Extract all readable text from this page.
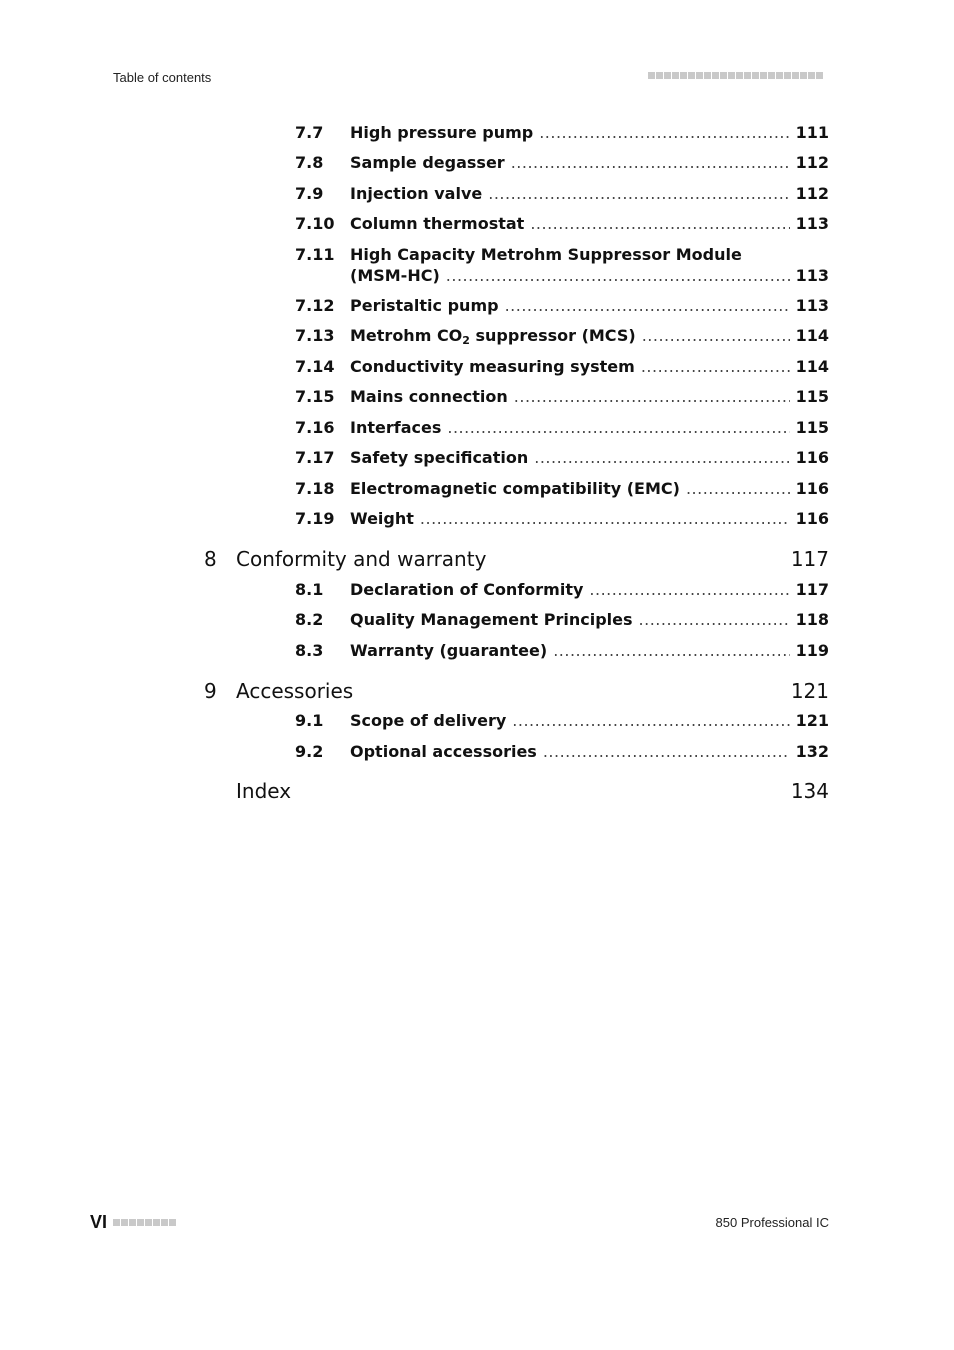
Table of contents
7.7	High pressure pump .....	111
7.8	Sample degasser .....	112
7.9	Injection valve .....	112
7.10 Column thermostat .....	113
7.11 High Capacity Metrohm Suppressor Module
(MSM-HC) .....	113
7.12 Peristaltic pump .....	113
7.13 Metrohm $CO_2$ suppressor (MCS) .....	114
7.14 Conductivity measuring system .....	114
7.15 Mains connection .....	115
7.16 Interfaces .....	115
7.17 Safety specification .....	116
7.18 Electromagnetic compatibility (EMC) .....	116
7.19 Weight .....	116
8 Conformity and warranty	117
8.1	Declaration of Conformity .....	117
8.2	Quality Management Principles .....	118
8.3	Warranty (guarantee) .....	119
9 Accessories	121
9.1	Scope of delivery .....	121
9.2	Optional accessories .....	132
Index	134
VI	850 Professional IC
